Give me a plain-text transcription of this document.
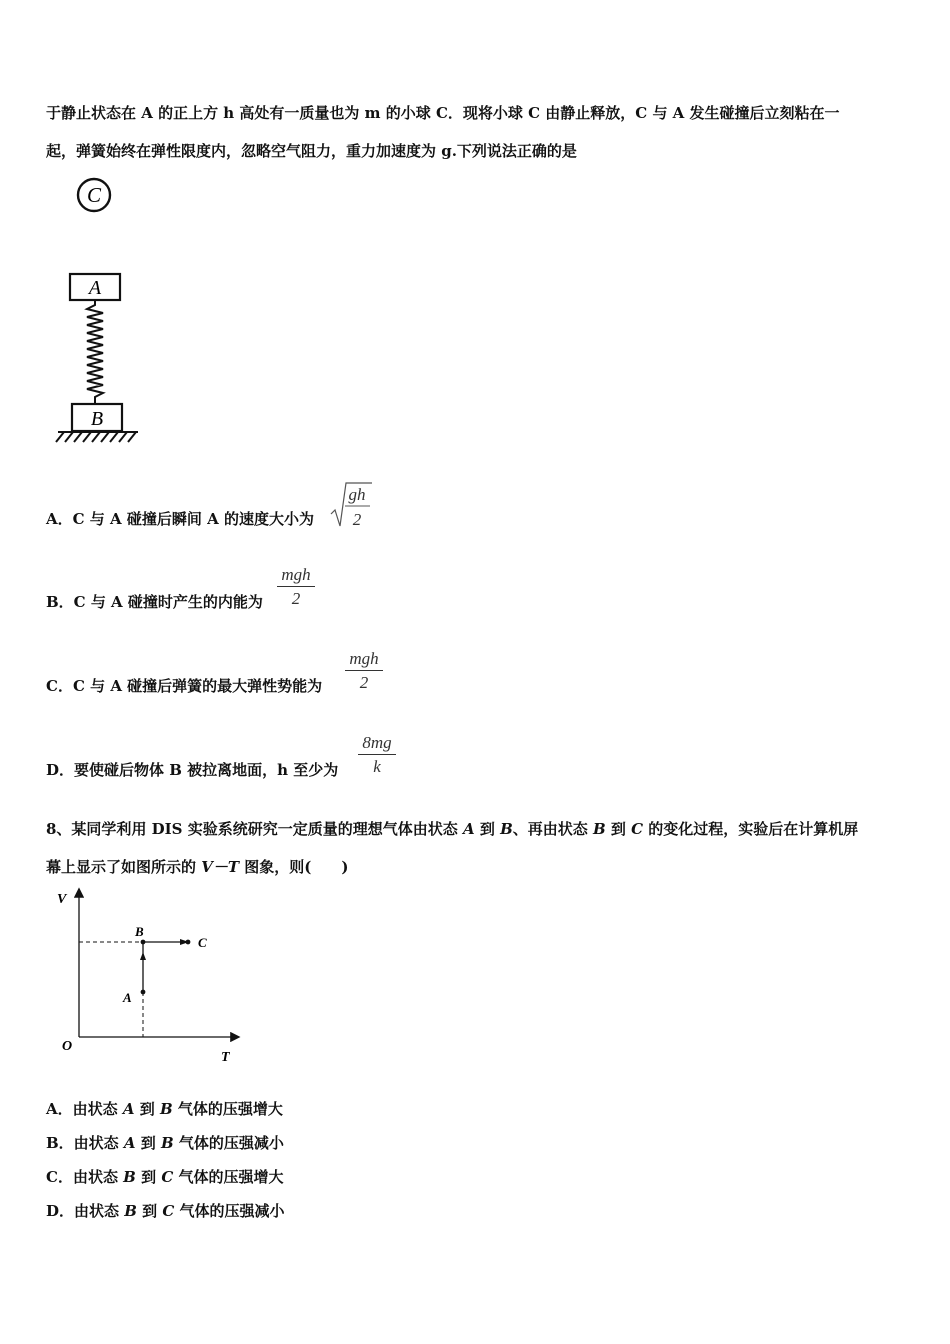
于静止状态在 A 的正上方 h 高处有一质量也为 m 的小球 C．现将小球 C 由静止释放，C 与 A 发生碰撞后立刻粘在一
起，弹簧始终在弹性限度内，忽略空气阻力，重力加速度为 g.下列说法正确的是
C
A
B
A．C 与 A 碰撞后瞬间 A 的速度大小为
gh
2
B．C 与 A 碰撞时产生的内能为
mgh
2
C．C 与 A 碰撞后弹簧的最大弹性势能为
mgh
2
D．要使碰后物体 B 被拉离地面，h 至少为 $\frac{8mg}{k}$
8、某同学利用 DIS 实验系统研究一定质量的理想气体由状态 A 到 B、再由状态 B 到 C 的变化过程，实验后在计算机屏
幕上显示了如图所示的 V－T 图象，则(　　)
V
T
O
A
B
C
A．由状态 A 到 B 气体的压强增大
B．由状态 A 到 B 气体的压强减小
C．由状态 B 到 C 气体的压强增大
D．由状态 B 到 C 气体的压强减小
